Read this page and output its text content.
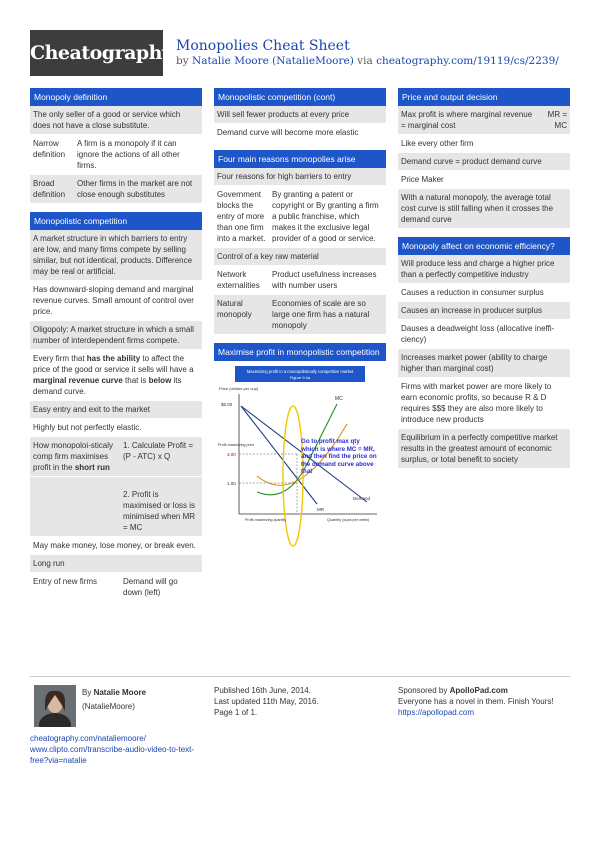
Cheatography Monopolies Cheat Sheet
by Natalie Moore (NatalieMoore) via cheatography.com/19119/cs/2239/
Monopoly definition
The only seller of a good or service which does not have a close substitute.
Narrow definition
A firm is a monopoly if it can ignore the actions of all other firms.
Broad definition
Other firms in the market are not close enough substitutes
Monopolistic competition
A market structure in which barriers to entry are low, and many firms compete by selling similar, but not identical, products. Difference may be real or artificial.
Has downward-sloping demand and marginal revenue curves. Small amount of control over price.
Oligopoly: A market structure in which a small number of interdependent firms compete.
Every firm that has the ability to affect the price of the good or service it sells will have a marginal revenue curve that is below its demand curve.
Easy entry and exit to the market
Highly but not perfectly elastic.
How monopoloi-sticaly comp firm maximises profit in the short run
1. Calculate Profit = (P - ATC) x Q
2. Profit is maximised or loss is minimised when MR = MC
May make money, lose money, or break even.
Long run
Entry of new firms	Demand will go down (left)
Monopolistic competition (cont)
Will sell fewer products at every price
Demand curve will become more elastic
Four main reasons monopolies arise
Four reasons for high barriers to entry
Government blocks the entry of more than one firm into a market.
By granting a patent or copyright or By granting a firm a public franchise, which makes it the exclusive legal provider of a good or service.
Control of a key raw material
Network externalities
Product usefulness increases with number users
Natural monopoly
Economies of scale are so large one firm has a natural monopoly
Maximise profit in monopolistic competition
Maximizing profit in a monopolistically competitive market
Figure 9.4a
Price (dollars per cup)
$6.00
Profit-maximizing price
3.00
1.00
MC
Demand
MR
Quantity (cups per week)
Profit-maximizing quantity
Go to profit max qty which is where MC = MR, and then find the price on the demand curve above that
Price and output decision
Max profit is where marginal revenue = marginal cost
MR = MC
Like every other firm
Demand curve = product demand curve
Price Maker
With a natural monopoly, the average total cost curve is still falling when it crosses the demand curve
Monopoly affect on economic efficiency?
Will produce less and charge a higher price than a perfectly competitive industry
Causes a reduction in consumer surplus
Causes an increase in producer surplus
Dauses a deadweight loss (allocative ineffi-ciency)
Increases market power (ability to charge higher than marginal cost)
Firms with market power are more likely to earn economic profits, so because R & D requires $$$ they are also more likely to introduce new products
Equilibrium in a perfectly competitive market results in the greatest amount of economic surplus, or total benefit to society
By Natalie Moore
(NatalieMoore)
cheatography.com/nataliemoore/
www.clipto.com/transcribe-audio-video-to-text-free?via=natalie
Published 16th June, 2014.
Last updated 11th May, 2016.
Page 1 of 1.
Sponsored by ApolloPad.com
Everyone has a novel in them. Finish Yours!
https://apollopad.com
